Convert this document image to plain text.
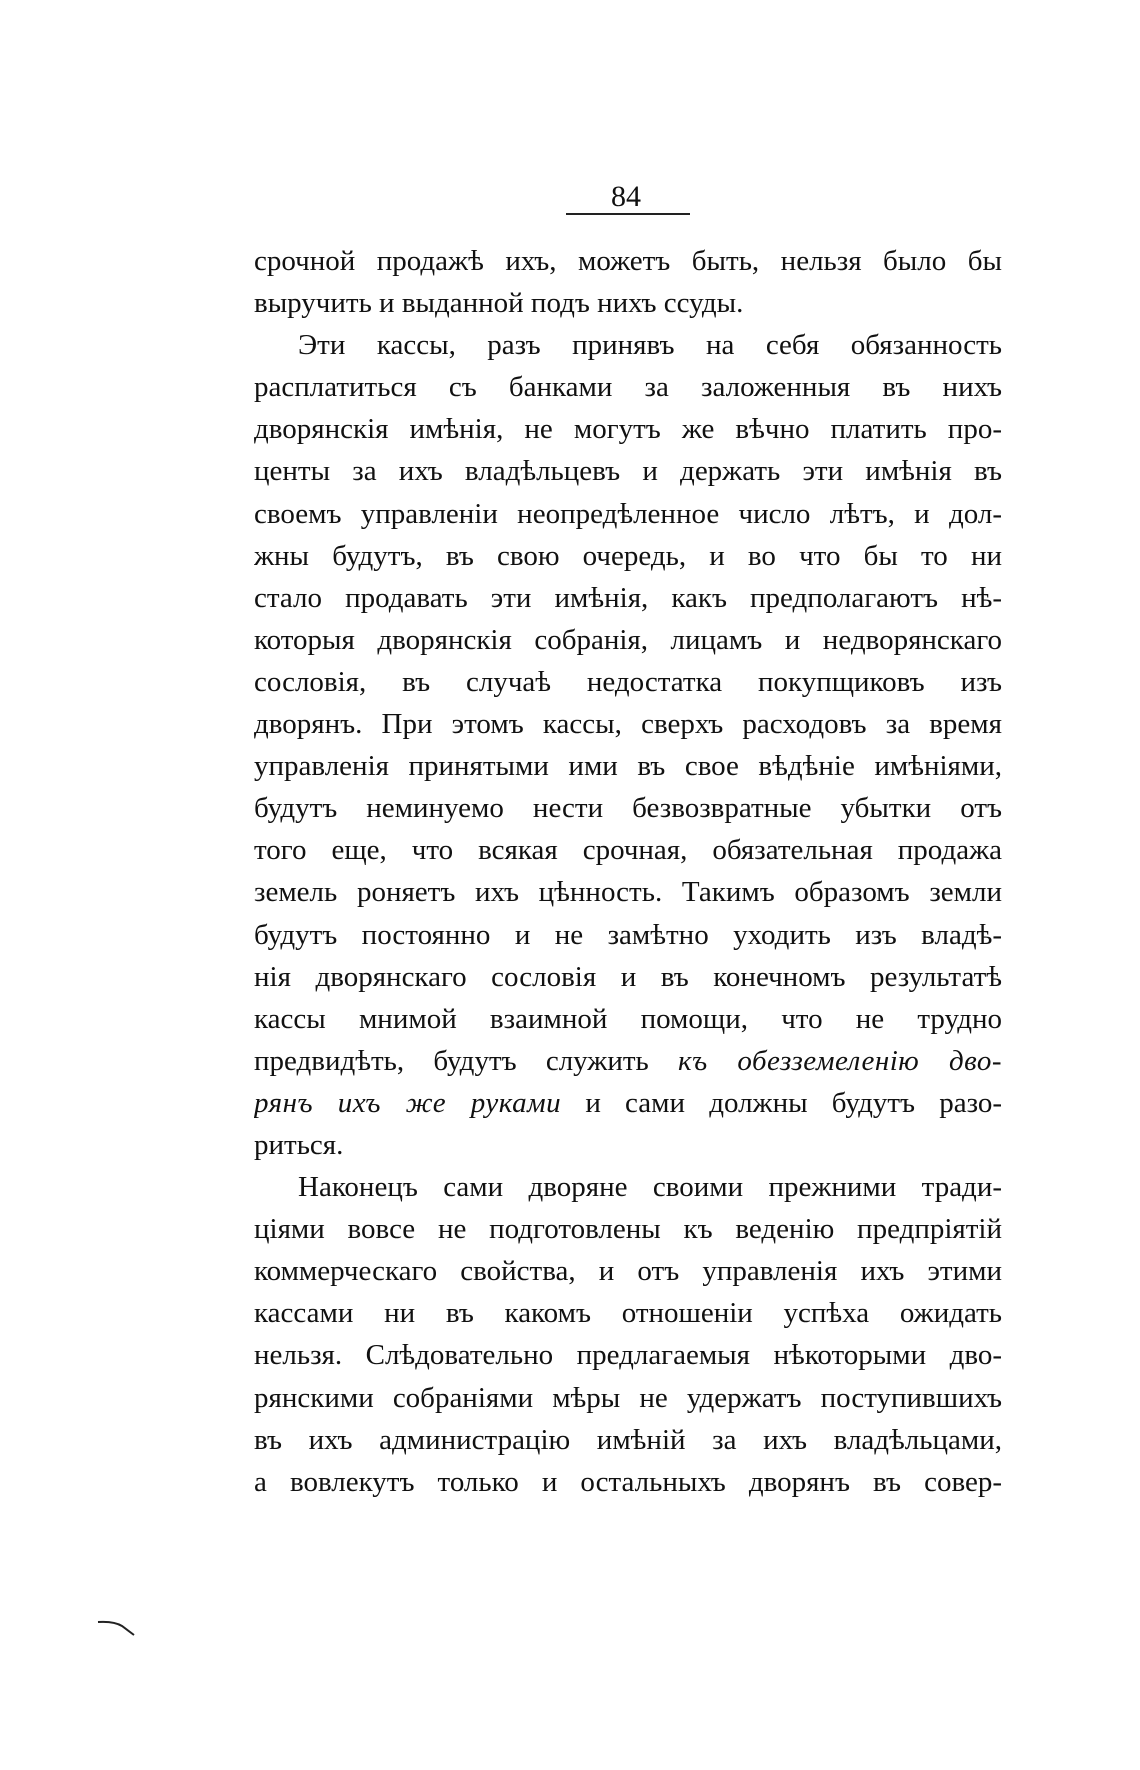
84
срочной продажѣ ихъ, можетъ быть, нельзя было бы
выручить и выданной подъ нихъ ссуды.
Эти кассы, разъ принявъ на себя обязанность
расплатиться съ банками за заложенныя въ нихъ
дворянскія имѣнія, не могутъ же вѣчно платить про-
центы за ихъ владѣльцевъ и держать эти имѣнія въ
своемъ управленіи неопредѣленное число лѣтъ, и дол-
жны будутъ, въ свою очередь, и во что бы то ни
стало продавать эти имѣнія, какъ предполагаютъ нѣ-
которыя дворянскія собранія, лицамъ и недворянскаго
сословія, въ случаѣ недостатка покупщиковъ изъ
дворянъ. При этомъ кассы, сверхъ расходовъ за время
управленія принятыми ими въ свое вѣдѣніе имѣніями,
будутъ неминуемо нести безвозвратные убытки отъ
того еще, что всякая срочная, обязательная продажа
земель роняетъ ихъ цѣнность. Такимъ образомъ земли
будутъ постоянно и не замѣтно уходить изъ владѣ-
нія дворянскаго сословія и въ конечномъ результатѣ
кассы мнимой взаимной помощи, что не трудно
предвидѣть, будутъ служить къ обезземеленію дво-
рянъ ихъ же руками и сами должны будутъ разо-
риться.
Наконецъ сами дворяне своими прежними тради-
ціями вовсе не подготовлены къ веденію предпріятій
коммерческаго свойства, и отъ управленія ихъ этими
кассами ни въ какомъ отношеніи успѣха ожидать
нельзя. Слѣдовательно предлагаемыя нѣкоторыми дво-
рянскими собраніями мѣры не удержатъ поступившихъ
въ ихъ администрацію имѣній за ихъ владѣльцами,
а вовлекутъ только и остальныхъ дворянъ въ совер-
